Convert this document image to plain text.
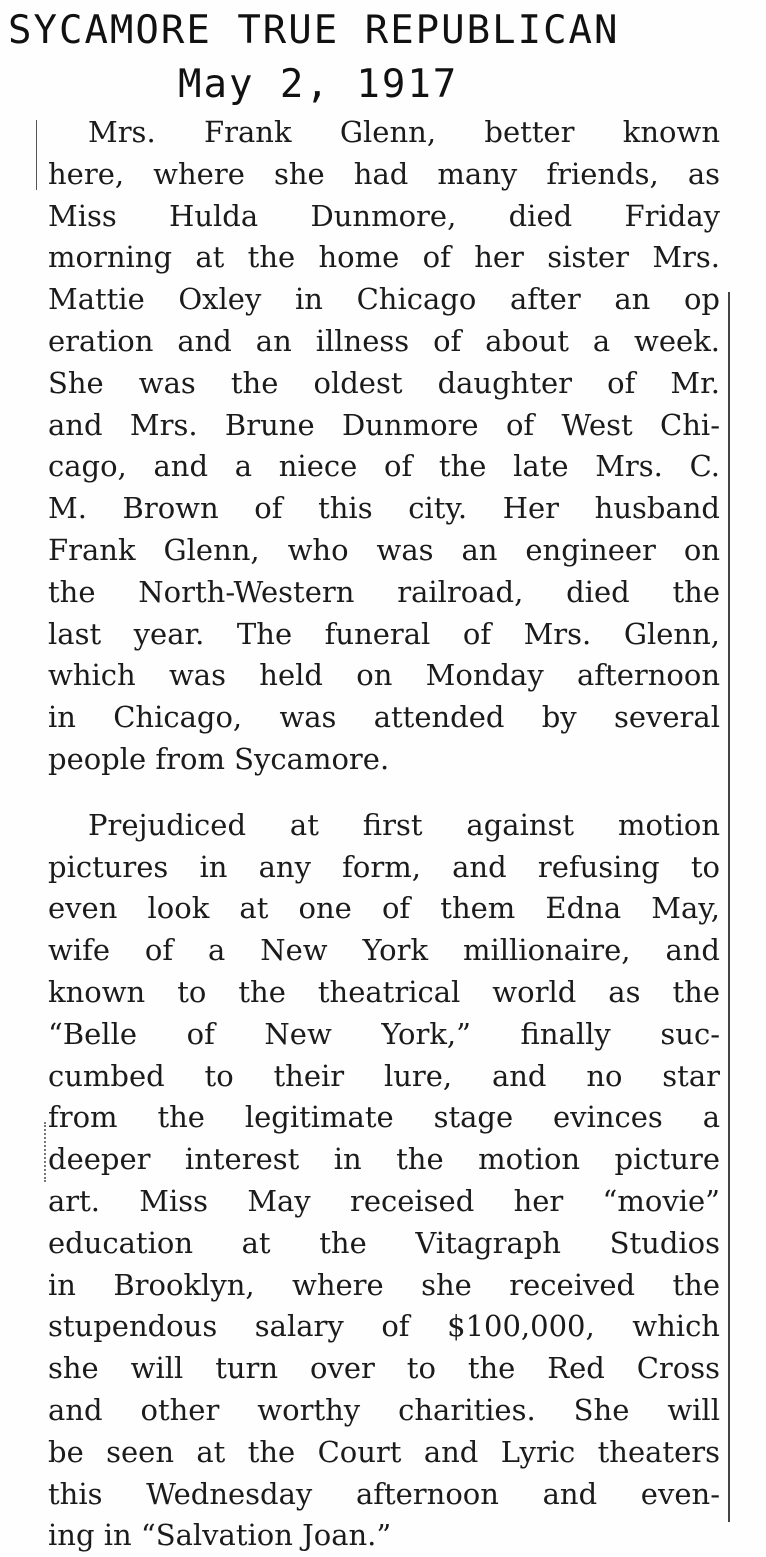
SYCAMORE TRUE REPUBLICAN
May 2, 1917
Mrs. Frank Glenn, better known
here, where she had many friends, as
Miss Hulda Dunmore, died Friday
morning at the home of her sister Mrs.
Mattie Oxley in Chicago after an op
eration and an illness of about a week.
She was the oldest daughter of Mr.
and Mrs. Brune Dunmore of West Chi-
cago, and a niece of the late Mrs. C.
M. Brown of this city. Her husband
Frank Glenn, who was an engineer on
the North-Western railroad, died the
last year. The funeral of Mrs. Glenn,
which was held on Monday afternoon
in Chicago, was attended by several
people from Sycamore.
Prejudiced at first against motion
pictures in any form, and refusing to
even look at one of them Edna May,
wife of a New York millionaire, and
known to the theatrical world as the
“Belle of New York,” finally suc-
cumbed to their lure, and no star
from the legitimate stage evinces a
deeper interest in the motion picture
art. Miss May receised her “movie”
education at the Vitagraph Studios
in Brooklyn, where she received the
stupendous salary of $100,000, which
she will turn over to the Red Cross
and other worthy charities. She will
be seen at the Court and Lyric theaters
this Wednesday afternoon and even-
ing in “Salvation Joan.”
